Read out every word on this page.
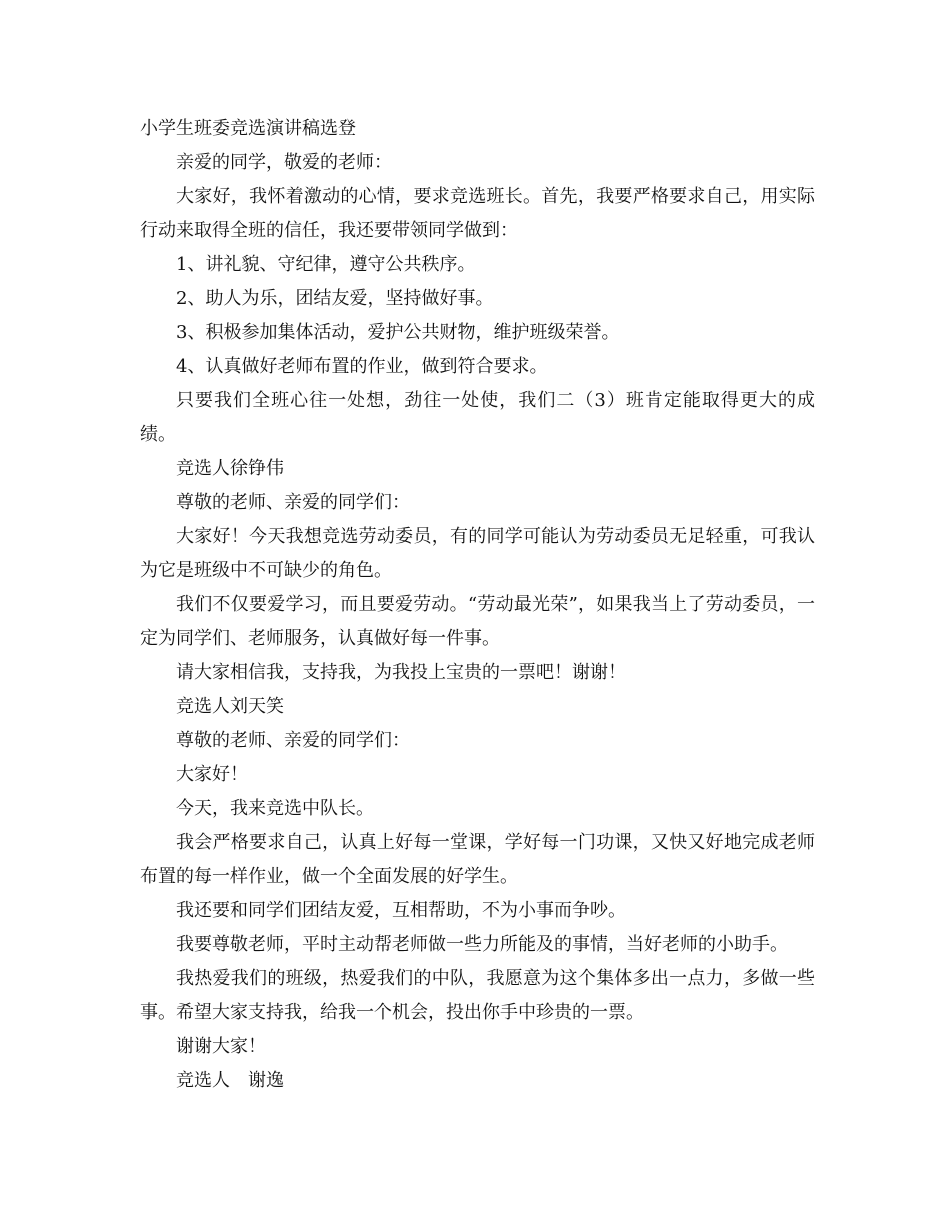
小学生班委竞选演讲稿选登

亲爱的同学，敬爱的老师：

大家好，我怀着激动的心情，要求竞选班长。首先，我要严格要求自己，用实际行动来取得全班的信任，我还要带领同学做到：

1、讲礼貌、守纪律，遵守公共秩序。

2、助人为乐，团结友爱，坚持做好事。

3、积极参加集体活动，爱护公共财物，维护班级荣誉。

4、认真做好老师布置的作业，做到符合要求。

只要我们全班心往一处想，劲往一处使，我们二（3）班肯定能取得更大的成绩。

竞选人徐铮伟

尊敬的老师、亲爱的同学们：

大家好！今天我想竞选劳动委员，有的同学可能认为劳动委员无足轻重，可我认为它是班级中不可缺少的角色。

我们不仅要爱学习，而且要爱劳动。“劳动最光荣”，如果我当上了劳动委员，一定为同学们、老师服务，认真做好每一件事。

请大家相信我，支持我，为我投上宝贵的一票吧！谢谢！

竞选人刘天笑

尊敬的老师、亲爱的同学们：

大家好！

今天，我来竞选中队长。

我会严格要求自己，认真上好每一堂课，学好每一门功课，又快又好地完成老师布置的每一样作业，做一个全面发展的好学生。

我还要和同学们团结友爱，互相帮助，不为小事而争吵。

我要尊敬老师，平时主动帮老师做一些力所能及的事情，当好老师的小助手。

我热爱我们的班级，热爱我们的中队，我愿意为这个集体多出一点力，多做一些事。希望大家支持我，给我一个机会，投出你手中珍贵的一票。

谢谢大家！

竞选人　谢逸
